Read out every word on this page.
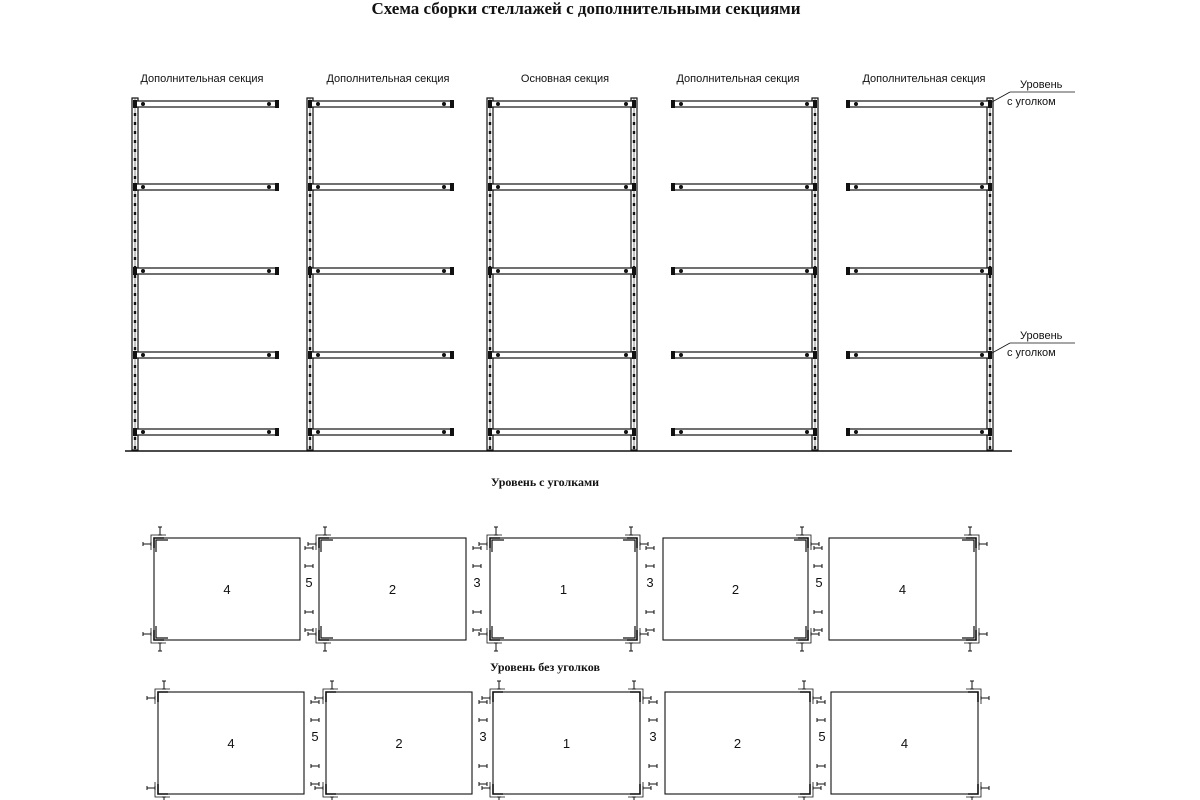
Схема сборки стеллажей с дополнительными секциями
Дополнительная секция	Дополнительная секция	Основная секция	Дополнительная секция	Дополнительная секция	Уровень
с уголком
Уровень
с уголком
Уровень с уголками
4	2	1	2	4
5	3	3	5
Уровень без уголков
4	2	1	2	4
5	3	3	5
